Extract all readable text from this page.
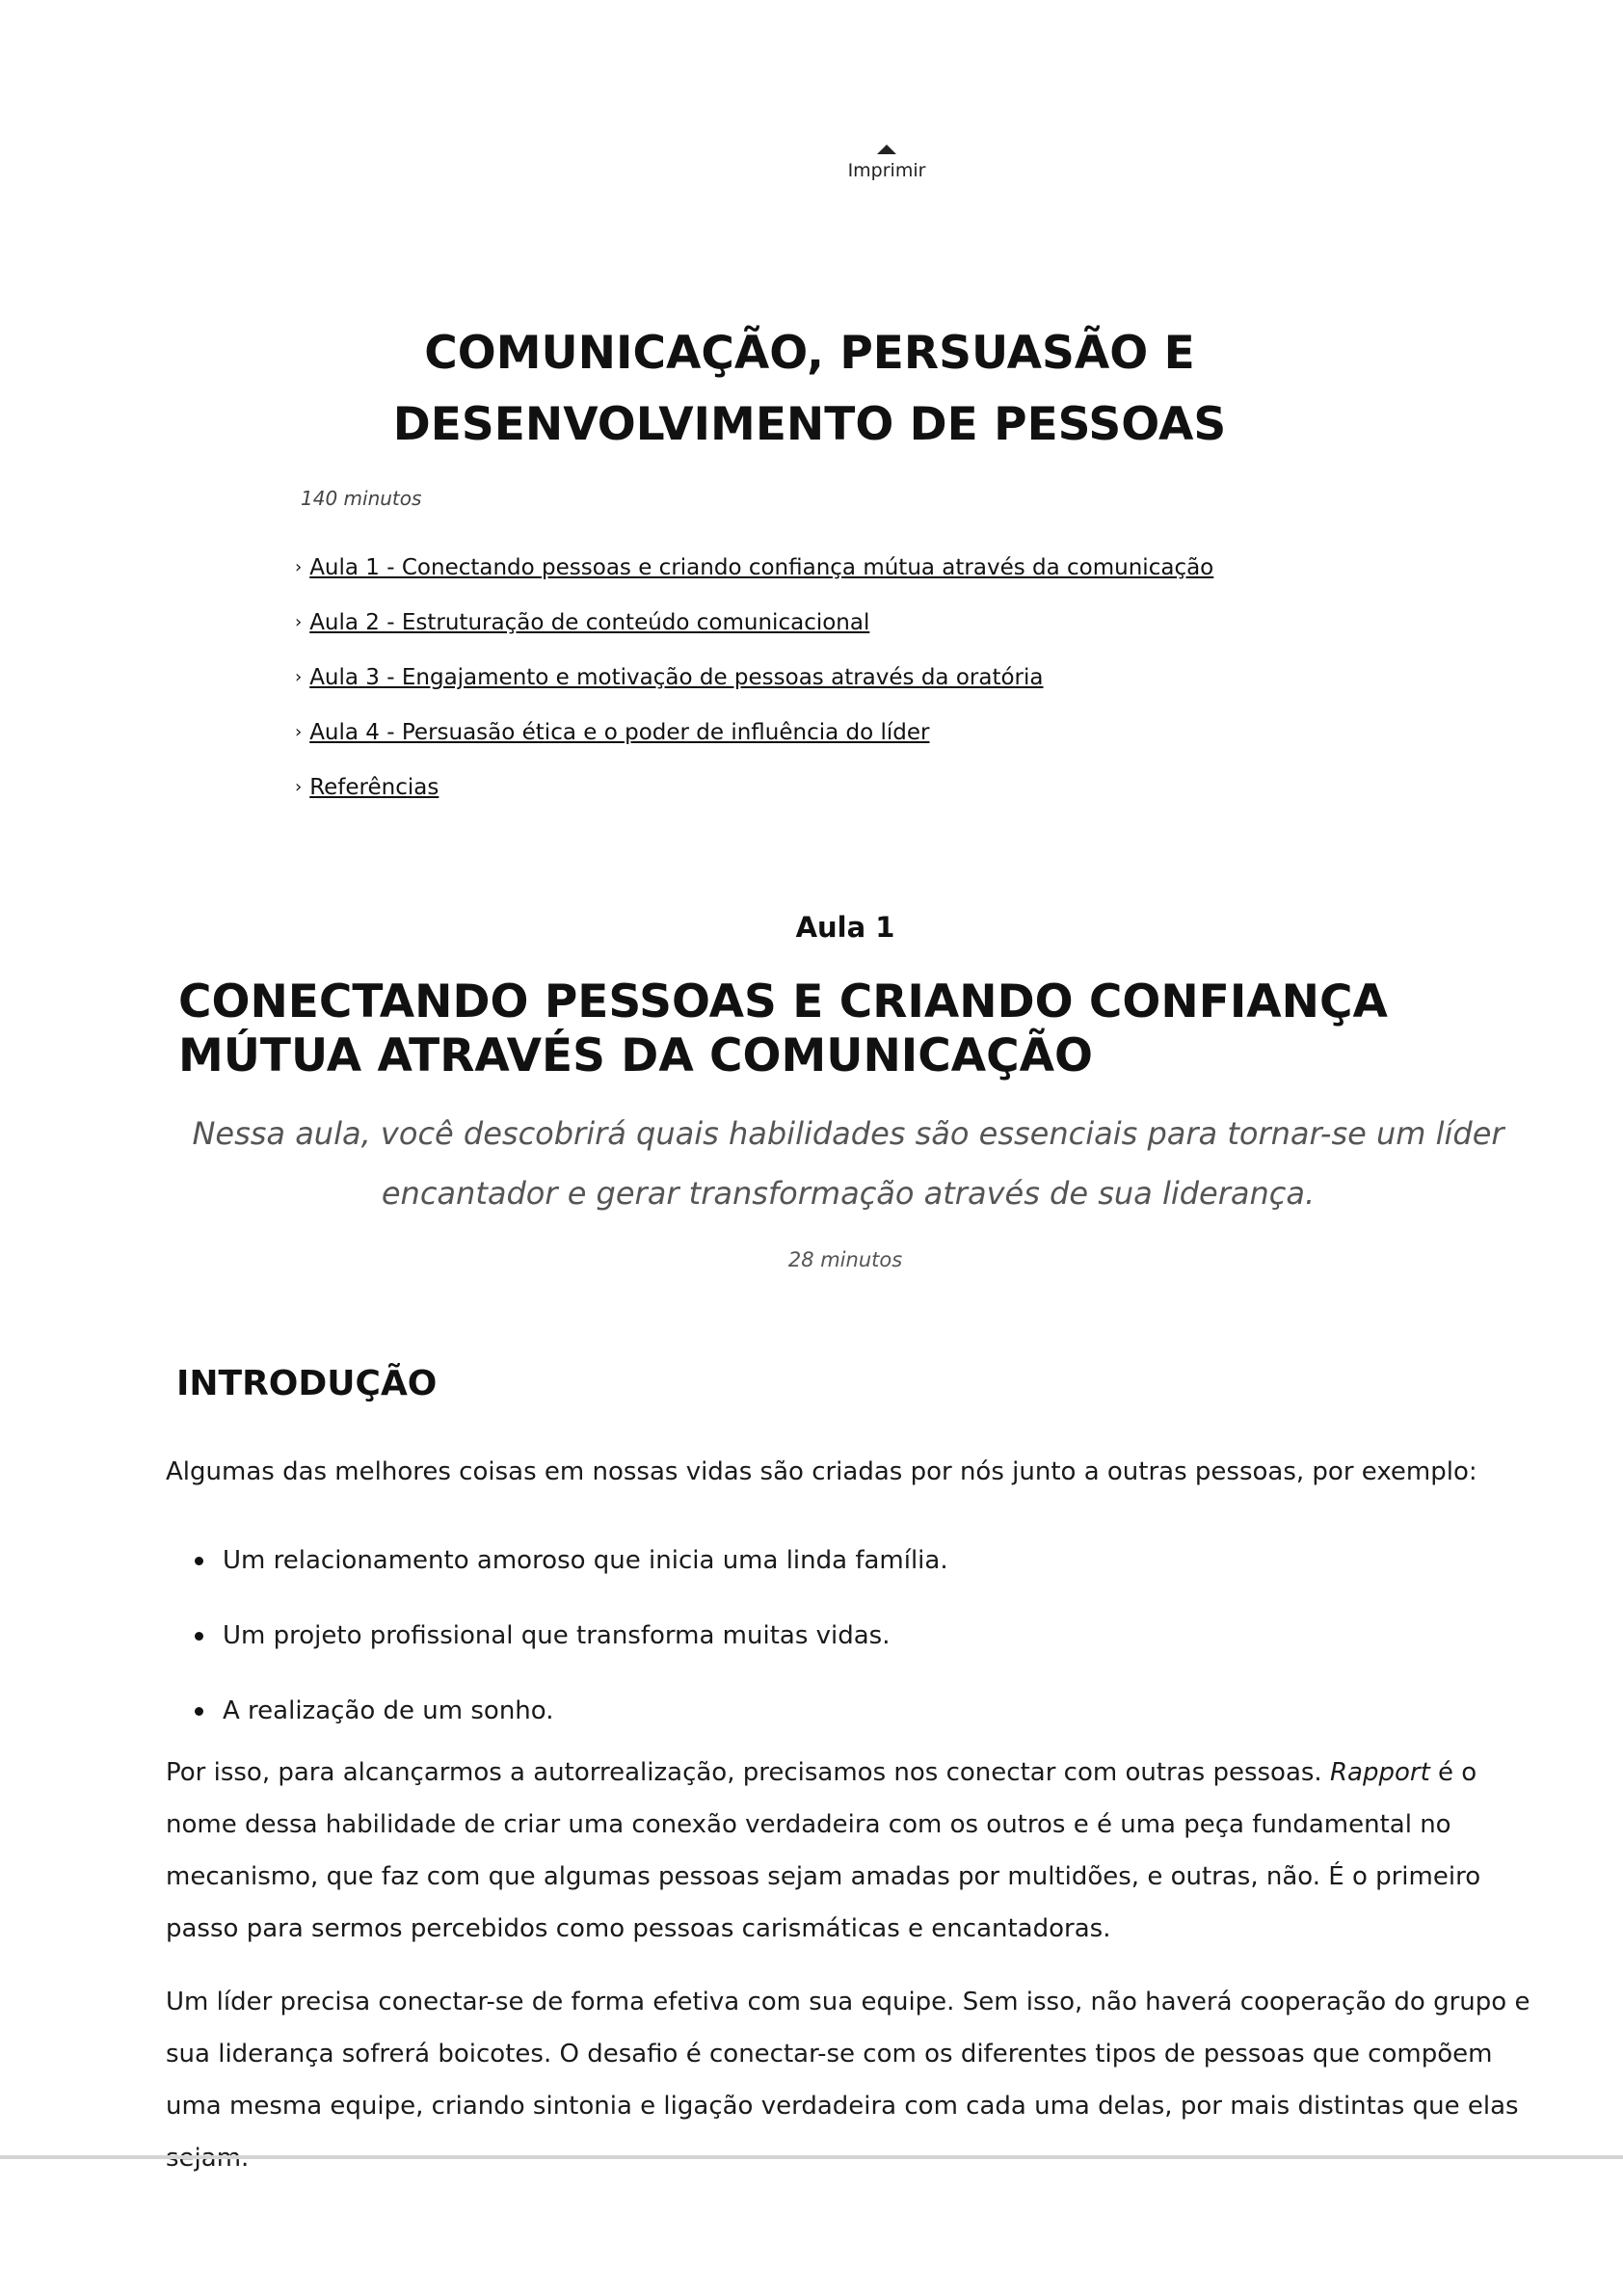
Imprimir
COMUNICAÇÃO, PERSUASÃO E DESENVOLVIMENTO DE PESSOAS
140 minutos
› Aula 1 - Conectando pessoas e criando confiança mútua através da comunicação
› Aula 2 - Estruturação de conteúdo comunicacional
› Aula 3 - Engajamento e motivação de pessoas através da oratória
› Aula 4 - Persuasão ética e o poder de influência do líder
› Referências
Aula 1
CONECTANDO PESSOAS E CRIANDO CONFIANÇA MÚTUA ATRAVÉS DA COMUNICAÇÃO

Nessa aula, você descobrirá quais habilidades são essenciais para tornar-se um líder encantador e gerar transformação através de sua liderança.

28 minutos
INTRODUÇÃO

Algumas das melhores coisas em nossas vidas são criadas por nós junto a outras pessoas, por exemplo:

Um relacionamento amoroso que inicia uma linda família.
Um projeto profissional que transforma muitas vidas.
A realização de um sonho.

Por isso, para alcançarmos a autorrealização, precisamos nos conectar com outras pessoas. Rapport é o nome dessa habilidade de criar uma conexão verdadeira com os outros e é uma peça fundamental no mecanismo, que faz com que algumas pessoas sejam amadas por multidões, e outras, não. É o primeiro passo para sermos percebidos como pessoas carismáticas e encantadoras.

Um líder precisa conectar-se de forma efetiva com sua equipe. Sem isso, não haverá cooperação do grupo e sua liderança sofrerá boicotes. O desafio é conectar-se com os diferentes tipos de pessoas que compõem uma mesma equipe, criando sintonia e ligação verdadeira com cada uma delas, por mais distintas que elas sejam.
